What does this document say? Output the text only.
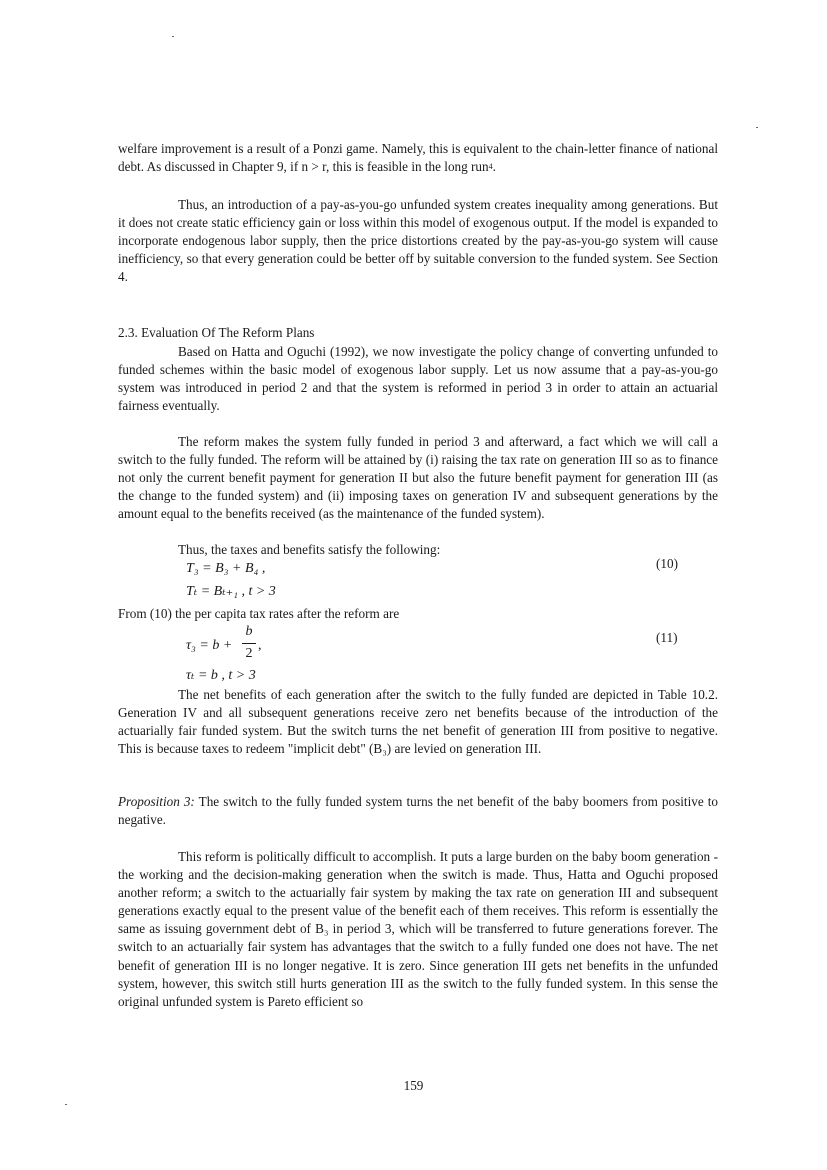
welfare improvement is a result of a Ponzi game. Namely, this is equivalent to the chain-letter finance of national debt. As discussed in Chapter 9, if n > r, this is feasible in the long run$^4$.

Thus, an introduction of a pay-as-you-go unfunded system creates inequality among generations. But it does not create static efficiency gain or loss within this model of exogenous output. If the model is expanded to incorporate endogenous labor supply, then the price distortions created by the pay-as-you-go system will cause inefficiency, so that every generation could be better off by suitable conversion to the funded system. See Section 4.

2.3. Evaluation Of The Reform Plans

Based on Hatta and Oguchi (1992), we now investigate the policy change of converting unfunded to funded schemes within the basic model of exogenous labor supply. Let us now assume that a pay-as-you-go system was introduced in period 2 and that the system is reformed in period 3 in order to attain an actuarial fairness eventually.

The reform makes the system fully funded in period 3 and afterward, a fact which we will call a switch to the fully funded. The reform will be attained by (i) raising the tax rate on generation III so as to finance not only the current benefit payment for generation II but also the future benefit payment for generation III (as the change to the funded system) and (ii) imposing taxes on generation IV and subsequent generations by the amount equal to the benefits received (as the maintenance of the funded system).

Thus, the taxes and benefits satisfy the following:

T₃ = B₃ + B₄ ,	(10)

Tₜ = Bₜ₊₁ , t > 3

From (10) the per capita tax rates after the reform are

τ₃ = b +

b
2

,

(11)

τₜ = b , t > 3

The net benefits of each generation after the switch to the fully funded are depicted in Table 10.2. Generation IV and all subsequent generations receive zero net benefits because of the introduction of the actuarially fair funded system. But the switch turns the net benefit of generation III from positive to negative. This is because taxes to redeem "implicit debt" (B₃) are levied on generation III.

Proposition 3: The switch to the fully funded system turns the net benefit of the baby boomers from positive to negative.

This reform is politically difficult to accomplish. It puts a large burden on the baby boom generation - the working and the decision-making generation when the switch is made. Thus, Hatta and Oguchi proposed another reform; a switch to the actuarially fair system by making the tax rate on generation III and subsequent generations exactly equal to the present value of the benefit each of them receives. This reform is essentially the same as issuing government debt of B₃ in period 3, which will be transferred to future generations forever. The switch to an actuarially fair system has advantages that the switch to a fully funded one does not have. The net benefit of generation III is no longer negative. It is zero. Since generation III gets net benefits in the unfunded system, however, this switch still hurts generation III as the switch to the fully funded system. In this sense the original unfunded system is Pareto efficient so

159
